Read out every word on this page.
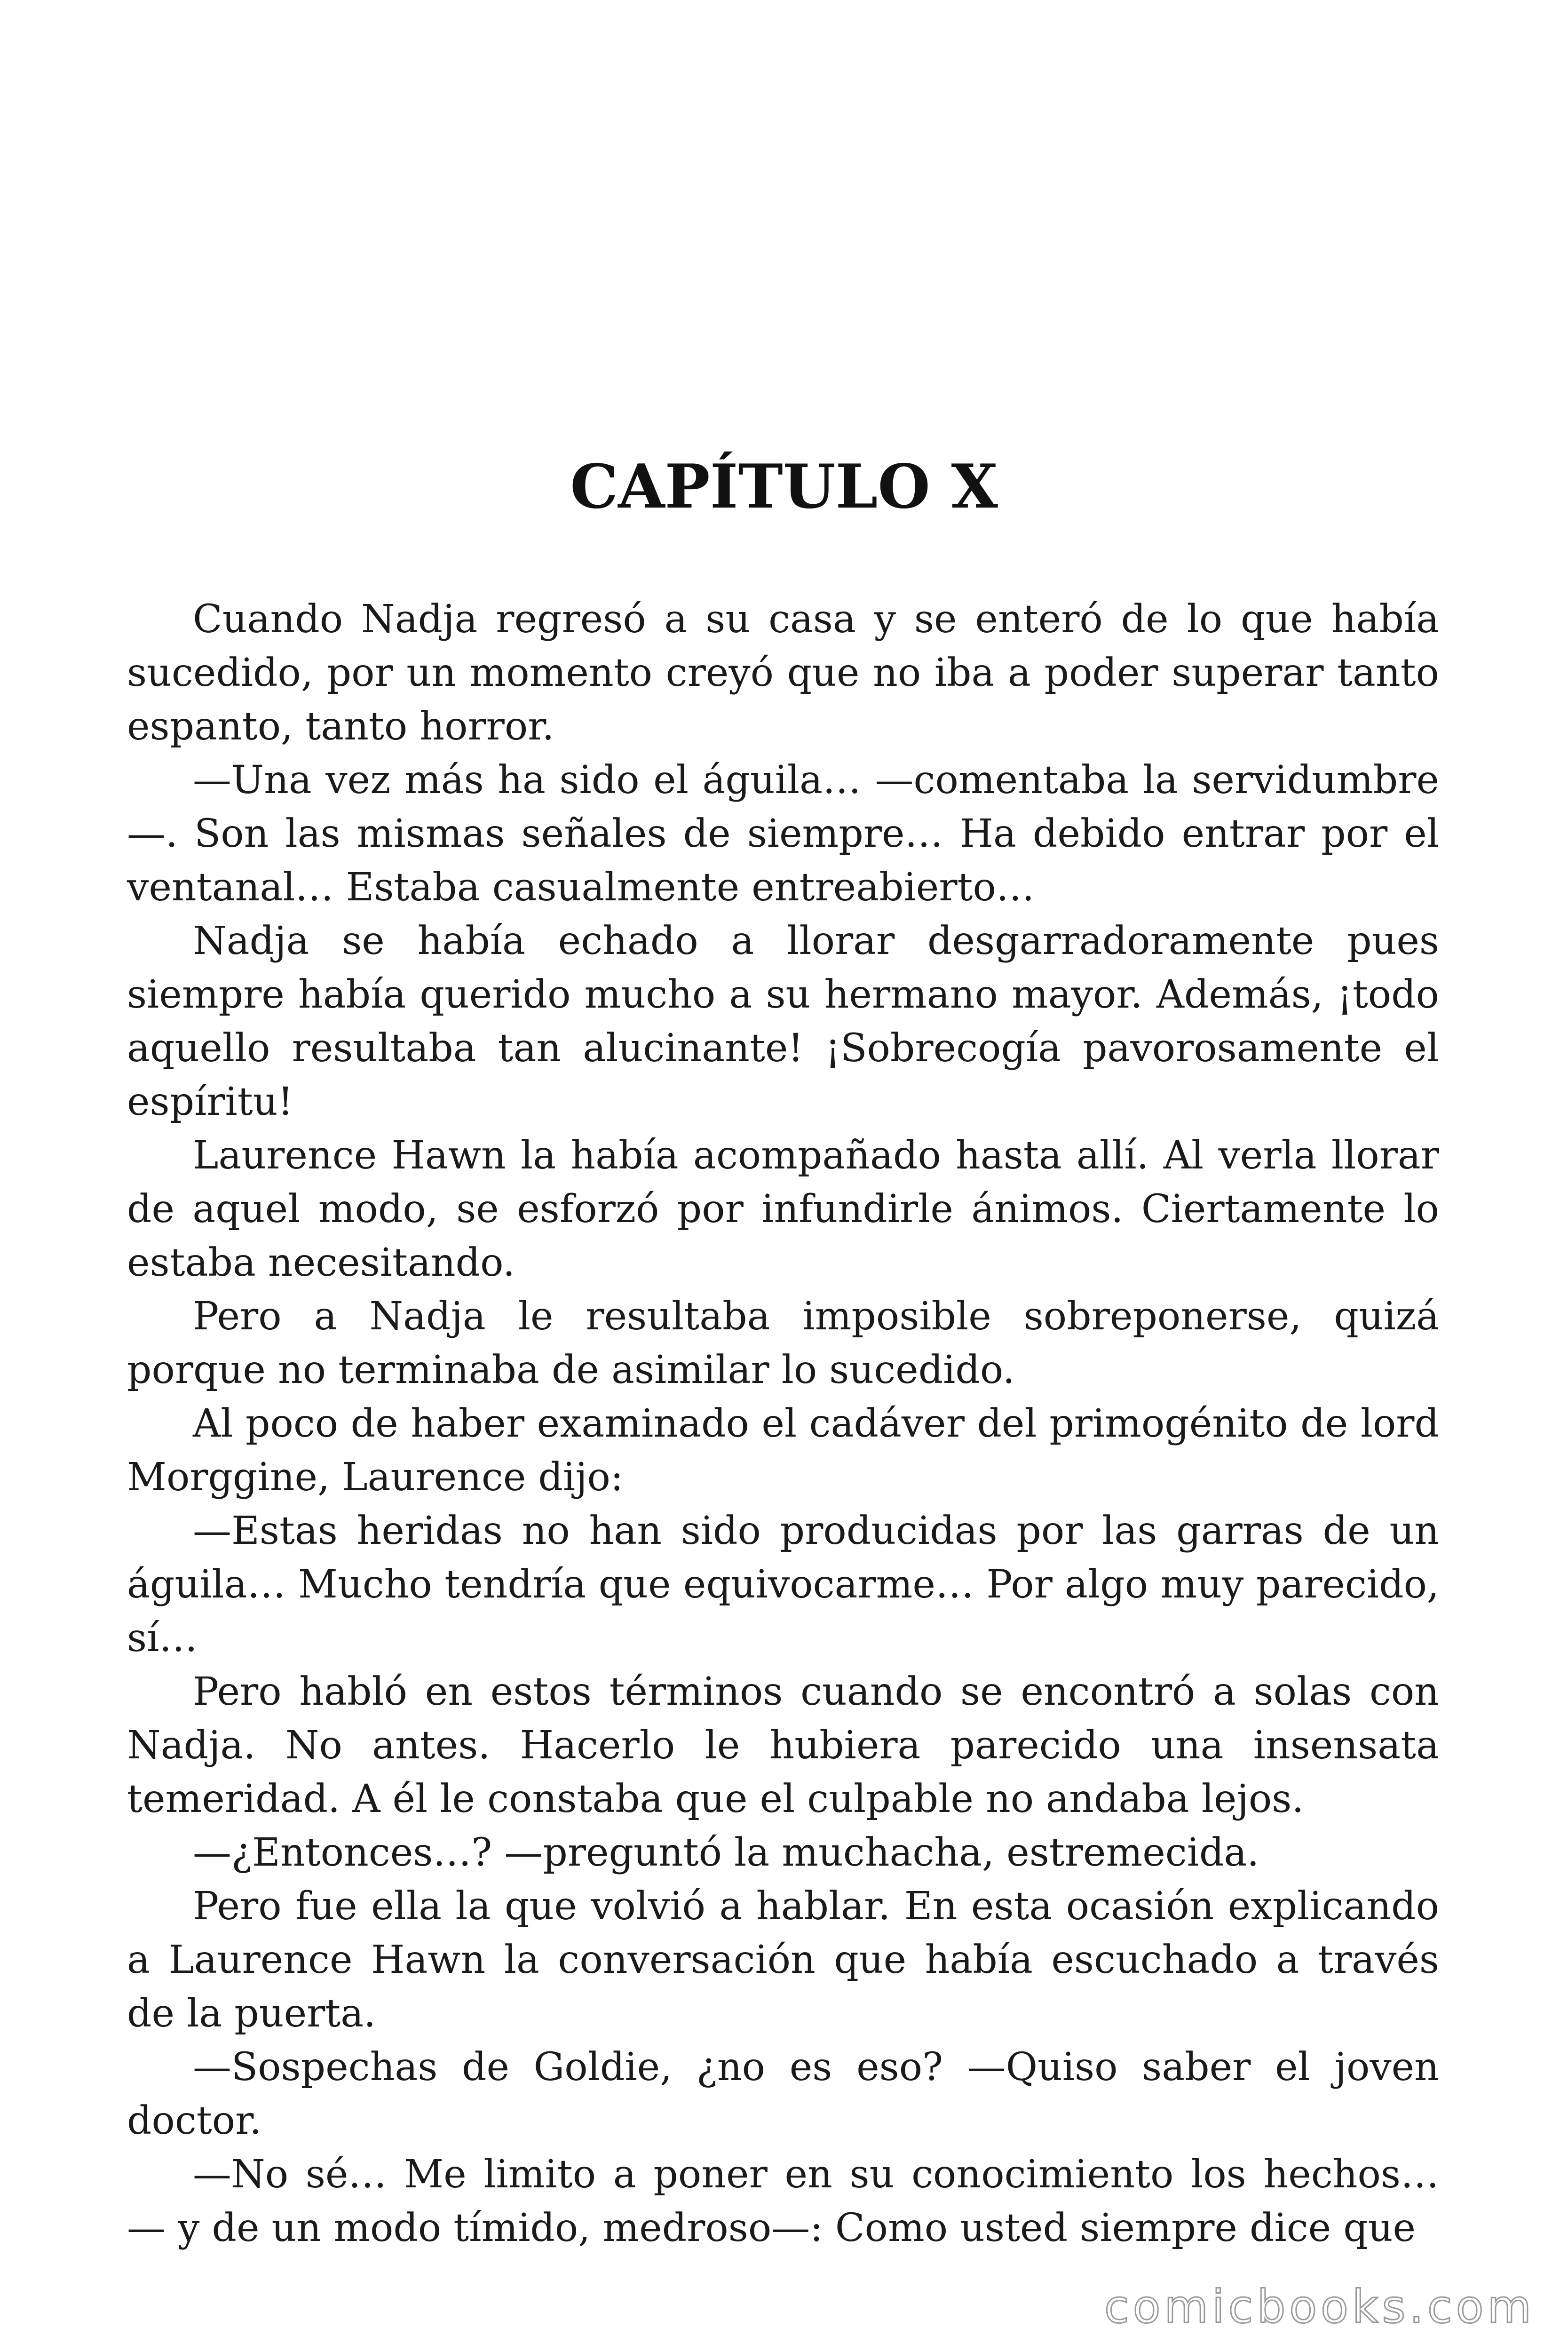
CAPÍTULO X

Cuando Nadja regresó a su casa y se enteró de lo que había sucedido, por un momento creyó que no iba a poder superar tanto espanto, tanto horror.

—Una vez más ha sido el águila… —comentaba la servidumbre —. Son las mismas señales de siempre… Ha debido entrar por el ventanal… Estaba casualmente entreabierto…

Nadja se había echado a llorar desgarradoramente pues siempre había querido mucho a su hermano mayor. Además, ¡todo aquello resultaba tan alucinante! ¡Sobrecogía pavorosamente el espíritu!

Laurence Hawn la había acompañado hasta allí. Al verla llorar de aquel modo, se esforzó por infundirle ánimos. Ciertamente lo estaba necesitando.

Pero a Nadja le resultaba imposible sobreponerse, quizá porque no terminaba de asimilar lo sucedido.

Al poco de haber examinado el cadáver del primogénito de lord Morggine, Laurence dijo:

—Estas heridas no han sido producidas por las garras de un águila… Mucho tendría que equivocarme… Por algo muy parecido, sí…

Pero habló en estos términos cuando se encontró a solas con Nadja. No antes. Hacerlo le hubiera parecido una insensata temeridad. A él le constaba que el culpable no andaba lejos.

—¿Entonces…? —preguntó la muchacha, estremecida.

Pero fue ella la que volvió a hablar. En esta ocasión explicando a Laurence Hawn la conversación que había escuchado a través de la puerta.

—Sospechas de Goldie, ¿no es eso? —Quiso saber el joven doctor.

—No sé… Me limito a poner en su conocimiento los hechos… — y de un modo tímido, medroso—: Como usted siempre dice que

comicbooks.com
